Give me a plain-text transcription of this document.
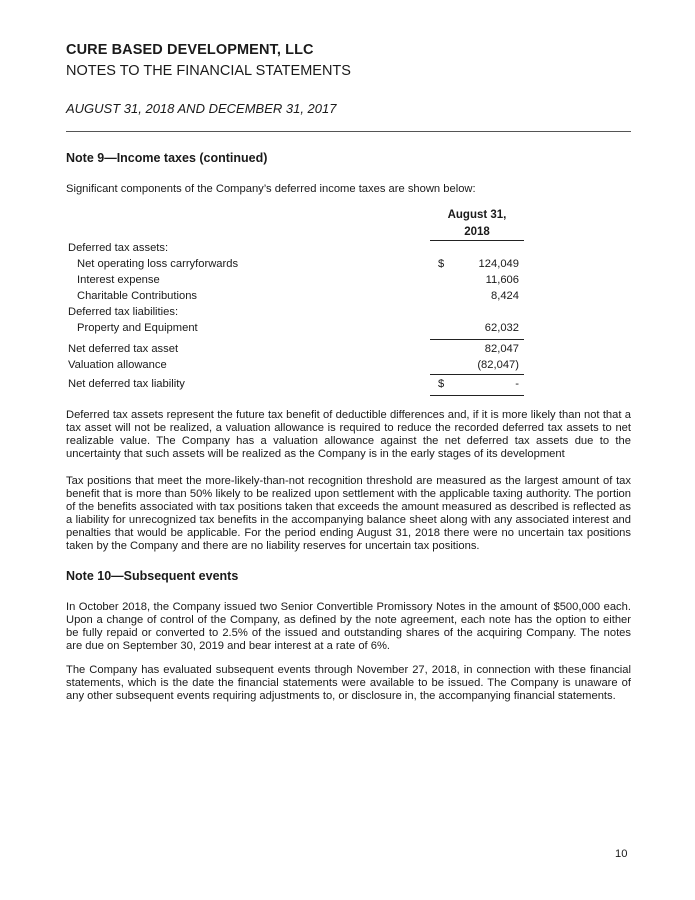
CURE BASED DEVELOPMENT, LLC
NOTES TO THE FINANCIAL STATEMENTS
AUGUST 31, 2018 AND DECEMBER 31, 2017
Note 9—Income taxes (continued)
Significant components of the Company’s deferred income taxes are shown below:
August 31,
2018
Deferred tax assets:
Net operating loss carryforwards	$	124,049
Interest expense	11,606
Charitable Contributions	8,424
Deferred tax liabilities:
Property and Equipment	62,032
Net deferred tax asset	82,047
Valuation allowance	(82,047)
Net deferred tax liability	$	-

Deferred tax assets represent the future tax benefit of deductible differences and, if it is more likely than not that a tax asset will not be realized, a valuation allowance is required to reduce the recorded deferred tax assets to net realizable value. The Company has a valuation allowance against the net deferred tax assets due to the uncertainty that such assets will be realized as the Company is in the early stages of its development

Tax positions that meet the more-likely-than-not recognition threshold are measured as the largest amount of tax benefit that is more than 50% likely to be realized upon settlement with the applicable taxing authority. The portion of the benefits associated with tax positions taken that exceeds the amount measured as described is reflected as a liability for unrecognized tax benefits in the accompanying balance sheet along with any associated interest and penalties that would be applicable. For the period ending August 31, 2018 there were no uncertain tax positions taken by the Company and there are no liability reserves for uncertain tax positions.

Note 10—Subsequent events

In October 2018, the Company issued two Senior Convertible Promissory Notes in the amount of $500,000 each. Upon a change of control of the Company, as defined by the note agreement, each note has the option to either be fully repaid or converted to 2.5% of the issued and outstanding shares of the acquiring Company. The notes are due on September 30, 2019 and bear interest at a rate of 6%.

The Company has evaluated subsequent events through November 27, 2018, in connection with these financial statements, which is the date the financial statements were available to be issued. The Company is unaware of any other subsequent events requiring adjustments to, or disclosure in, the accompanying financial statements.

10
